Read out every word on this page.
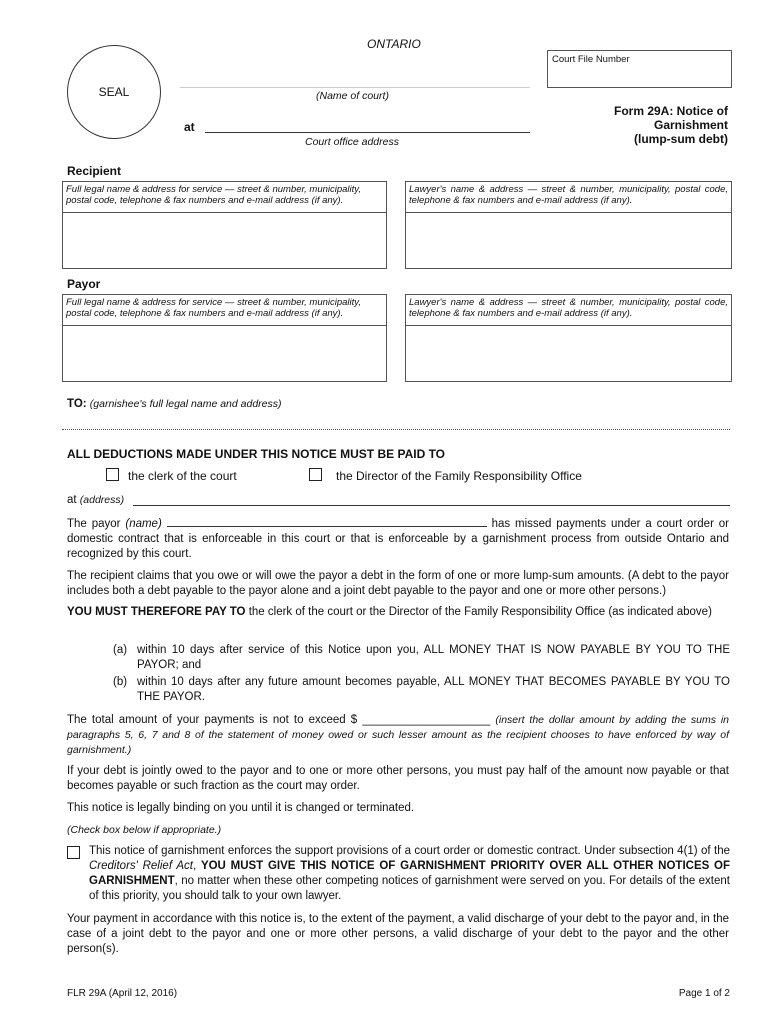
ONTARIO
SEAL
Court File Number
(Name of court)
at
Court office address
Form 29A: Notice of
Garnishment
(lump-sum debt)
Recipient
Full legal name & address for service — street & number, municipality, postal code, telephone & fax numbers and e-mail address (if any).
Lawyer's name & address — street & number, municipality, postal code, telephone & fax numbers and e-mail address (if any).
Payor
Full legal name & address for service — street & number, municipality, postal code, telephone & fax numbers and e-mail address (if any).
Lawyer's name & address — street & number, municipality, postal code, telephone & fax numbers and e-mail address (if any).
TO: (garnishee's full legal name and address)
ALL DEDUCTIONS MADE UNDER THIS NOTICE MUST BE PAID TO
the clerk of the court	the Director of the Family Responsibility Office
at (address)
The payor (name)	has missed payments under a court order or domestic contract that is enforceable in this court or that is enforceable by a garnishment process from outside Ontario and recognized by this court.
The recipient claims that you owe or will owe the payor a debt in the form of one or more lump-sum amounts. (A debt to the payor includes both a debt payable to the payor alone and a joint debt payable to the payor and one or more other persons.)
YOU MUST THEREFORE PAY TO the clerk of the court or the Director of the Family Responsibility Office (as indicated above)
(a) within 10 days after service of this Notice upon you, ALL MONEY THAT IS NOW PAYABLE BY YOU TO THE PAYOR; and
(b) within 10 days after any future amount becomes payable, ALL MONEY THAT BECOMES PAYABLE BY YOU TO THE PAYOR.
The total amount of your payments is not to exceed $ ____________________ (insert the dollar amount by adding the sums in paragraphs 5, 6, 7 and 8 of the statement of money owed or such lesser amount as the recipient chooses to have enforced by way of garnishment.)
If your debt is jointly owed to the payor and to one or more other persons, you must pay half of the amount now payable or that becomes payable or such fraction as the court may order.
This notice is legally binding on you until it is changed or terminated.
(Check box below if appropriate.)
This notice of garnishment enforces the support provisions of a court order or domestic contract. Under subsection 4(1) of the Creditors' Relief Act, YOU MUST GIVE THIS NOTICE OF GARNISHMENT PRIORITY OVER ALL OTHER NOTICES OF GARNISHMENT, no matter when these other competing notices of garnishment were served on you. For details of the extent of this priority, you should talk to your own lawyer.
Your payment in accordance with this notice is, to the extent of the payment, a valid discharge of your debt to the payor and, in the case of a joint debt to the payor and one or more other persons, a valid discharge of your debt to the payor and the other person(s).
FLR 29A (April 12, 2016)	Page 1 of 2
